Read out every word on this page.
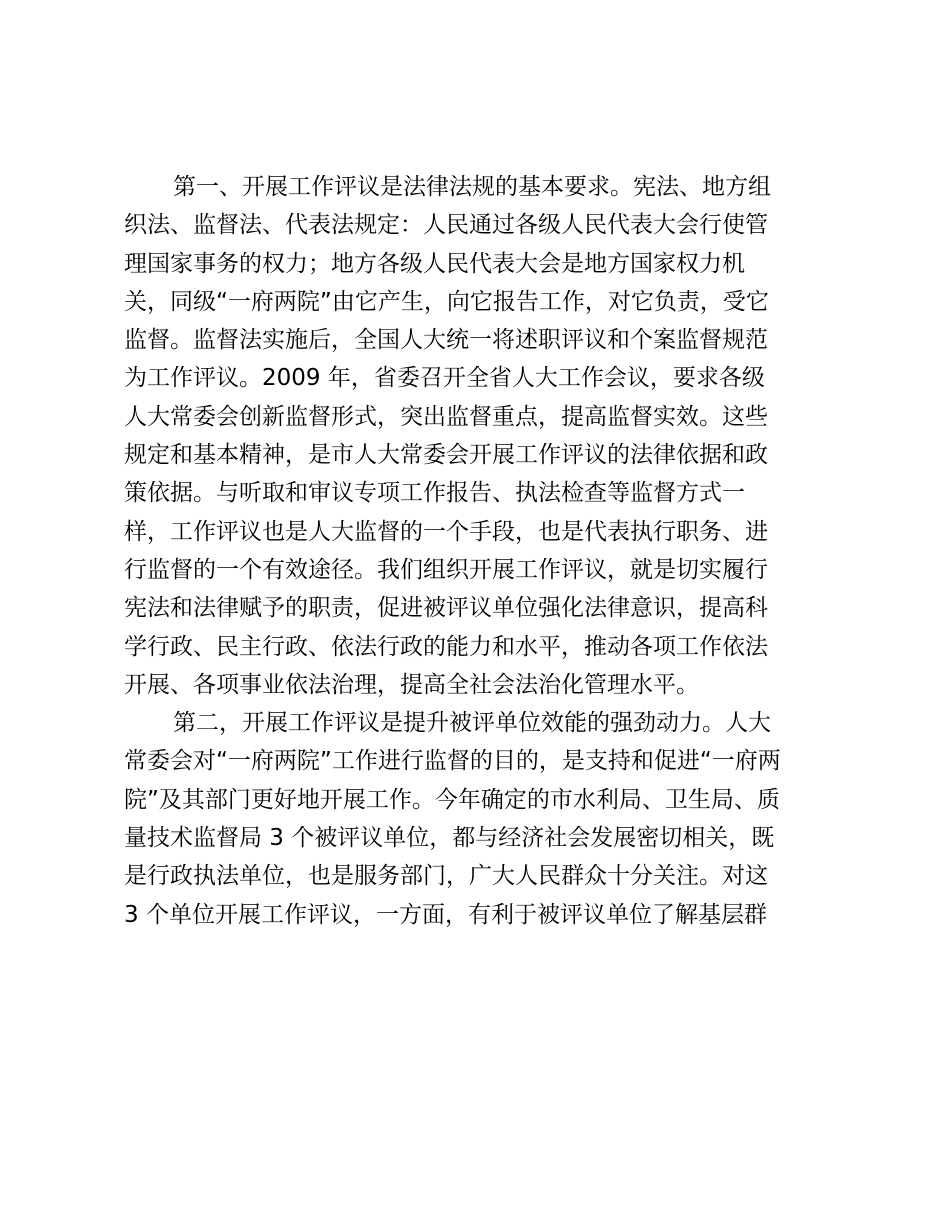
第一、开展工作评议是法律法规的基本要求。宪法、地方组
织法、监督法、代表法规定：人民通过各级人民代表大会行使管
理国家事务的权力；地方各级人民代表大会是地方国家权力机
关，同级“一府两院”由它产生，向它报告工作，对它负责，受它
监督。监督法实施后，全国人大统一将述职评议和个案监督规范
为工作评议。2009 年，省委召开全省人大工作会议，要求各级
人大常委会创新监督形式，突出监督重点，提高监督实效。这些
规定和基本精神，是市人大常委会开展工作评议的法律依据和政
策依据。与听取和审议专项工作报告、执法检查等监督方式一
样，工作评议也是人大监督的一个手段，也是代表执行职务、进
行监督的一个有效途径。我们组织开展工作评议，就是切实履行
宪法和法律赋予的职责，促进被评议单位强化法律意识，提高科
学行政、民主行政、依法行政的能力和水平，推动各项工作依法
开展、各项事业依法治理，提高全社会法治化管理水平。
第二，开展工作评议是提升被评单位效能的强劲动力。人大
常委会对“一府两院”工作进行监督的目的，是支持和促进“一府两
院”及其部门更好地开展工作。今年确定的市水利局、卫生局、质
量技术监督局 3 个被评议单位，都与经济社会发展密切相关，既
是行政执法单位，也是服务部门，广大人民群众十分关注。对这
3 个单位开展工作评议，一方面，有利于被评议单位了解基层群
